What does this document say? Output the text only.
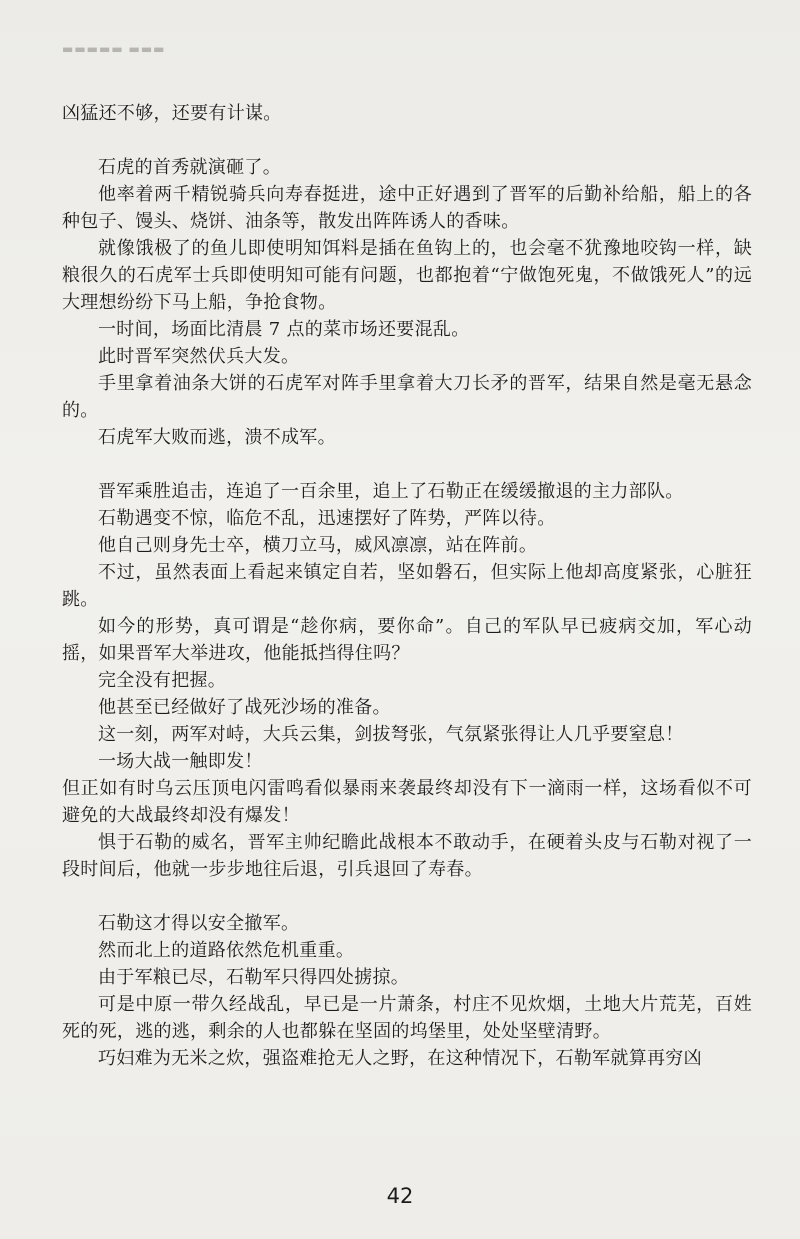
▬▬▬▬▬ ▬▬▬

凶猛还不够，还要有计谋。

石虎的首秀就演砸了。

他率着两千精锐骑兵向寿春挺进，途中正好遇到了晋军的后勤补给船，船上的各种包子、馒头、烧饼、油条等，散发出阵阵诱人的香味。

就像饿极了的鱼儿即使明知饵料是插在鱼钩上的，也会毫不犹豫地咬钩一样，缺粮很久的石虎军士兵即使明知可能有问题，也都抱着“宁做饱死鬼，不做饿死人”的远大理想纷纷下马上船，争抢食物。

一时间，场面比清晨 7 点的菜市场还要混乱。

此时晋军突然伏兵大发。

手里拿着油条大饼的石虎军对阵手里拿着大刀长矛的晋军，结果自然是毫无悬念的。

石虎军大败而逃，溃不成军。

晋军乘胜追击，连追了一百余里，追上了石勒正在缓缓撤退的主力部队。

石勒遇变不惊，临危不乱，迅速摆好了阵势，严阵以待。

他自己则身先士卒，横刀立马，威风凛凛，站在阵前。

不过，虽然表面上看起来镇定自若，坚如磐石，但实际上他却高度紧张，心脏狂跳。

如今的形势，真可谓是“趁你病，要你命”。自己的军队早已疲病交加，军心动摇，如果晋军大举进攻，他能抵挡得住吗？

完全没有把握。

他甚至已经做好了战死沙场的准备。

这一刻，两军对峙，大兵云集，剑拔弩张，气氛紧张得让人几乎要窒息！

一场大战一触即发！

但正如有时乌云压顶电闪雷鸣看似暴雨来袭最终却没有下一滴雨一样，这场看似不可避免的大战最终却没有爆发！

惧于石勒的威名，晋军主帅纪瞻此战根本不敢动手，在硬着头皮与石勒对视了一段时间后，他就一步步地往后退，引兵退回了寿春。

石勒这才得以安全撤军。

然而北上的道路依然危机重重。

由于军粮已尽，石勒军只得四处掳掠。

可是中原一带久经战乱，早已是一片萧条，村庄不见炊烟，土地大片荒芜，百姓死的死，逃的逃，剩余的人也都躲在坚固的坞堡里，处处坚壁清野。

巧妇难为无米之炊，强盗难抢无人之野，在这种情况下，石勒军就算再穷凶

42
